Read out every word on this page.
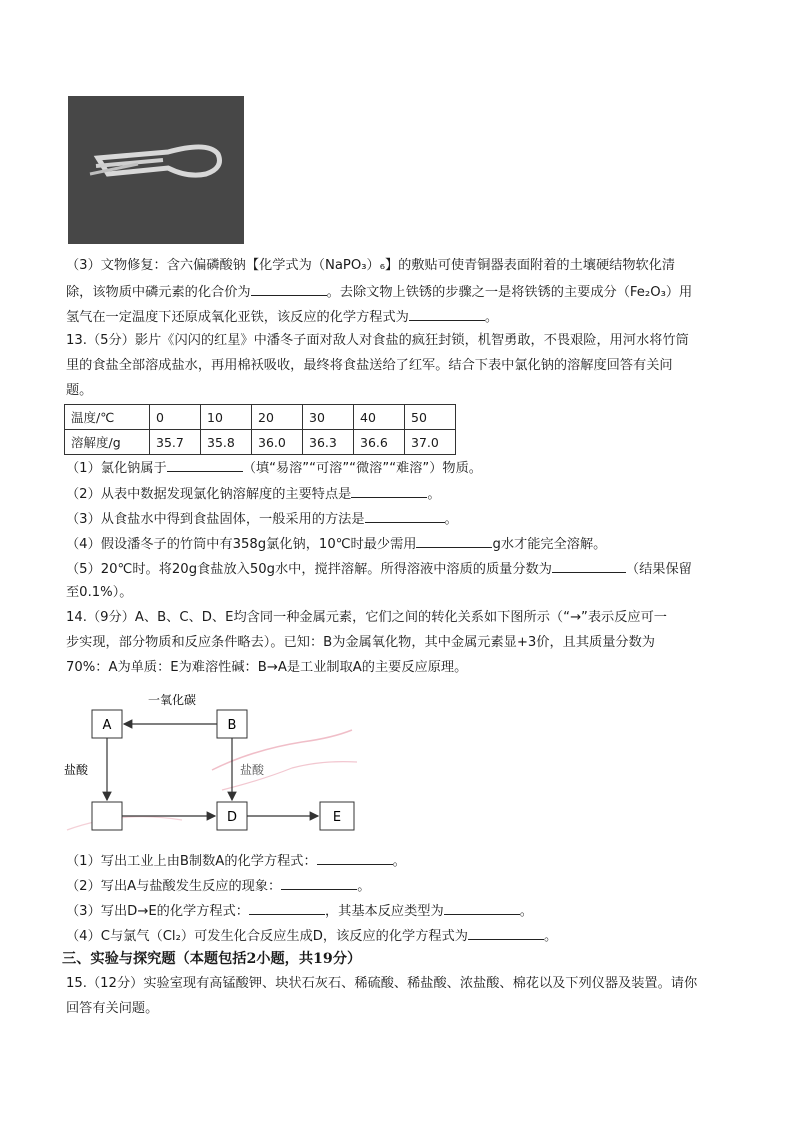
（3）文物修复：含六偏磷酸钠【化学式为（NaPO₃）₆】的敷贴可使青铜器表面附着的土壤硬结物软化清
除，该物质中磷元素的化合价为	。去除文物上铁锈的步骤之一是将铁锈的主要成分（Fe₂O₃）用
氢气在一定温度下还原成氧化亚铁，该反应的化学方程式为	。
13.（5分）影片《闪闪的红星》中潘冬子面对敌人对食盐的疯狂封锁，机智勇敢，不畏艰险，用河水将竹筒
里的食盐全部溶成盐水，再用棉袄吸收，最终将食盐送给了红军。结合下表中氯化钠的溶解度回答有关问
题。
温度/℃	0	10	20	30	40	50
溶解度/g	35.7	35.8	36.0	36.3	36.6	37.0
（1）氯化钠属于	（填“易溶”“可溶”“微溶”“难溶”）物质。
（2）从表中数据发现氯化钠溶解度的主要特点是	。
（3）从食盐水中得到食盐固体，一般采用的方法是	。
（4）假设潘冬子的竹筒中有358g氯化钠，10℃时最少需用	g水才能完全溶解。
（5）20℃时。将20g食盐放入50g水中，搅拌溶解。所得溶液中溶质的质量分数为	（结果保留
至0.1%）。
14.（9分）A、B、C、D、E均含同一种金属元素，它们之间的转化关系如下图所示（“→”表示反应可一
步实现，部分物质和反应条件略去）。已知：B为金属氧化物，其中金属元素显+3价，且其质量分数为
70%：A为单质：E为难溶性碱：B→A是工业制取A的主要反应原理。
A	B
D	E
一氧化碳
盐酸	盐酸
（1）写出工业上由B制数A的化学方程式：	。
（2）写出A与盐酸发生反应的现象：	。
（3）写出D→E的化学方程式：	，其基本反应类型为	。
（4）C与氯气（Cl₂）可发生化合反应生成D，该反应的化学方程式为	。
三、实验与探究题（本题包括2小题，共19分）
15.（12分）实验室现有高锰酸钾、块状石灰石、稀硫酸、稀盐酸、浓盐酸、棉花以及下列仪器及装置。请你
回答有关问题。
